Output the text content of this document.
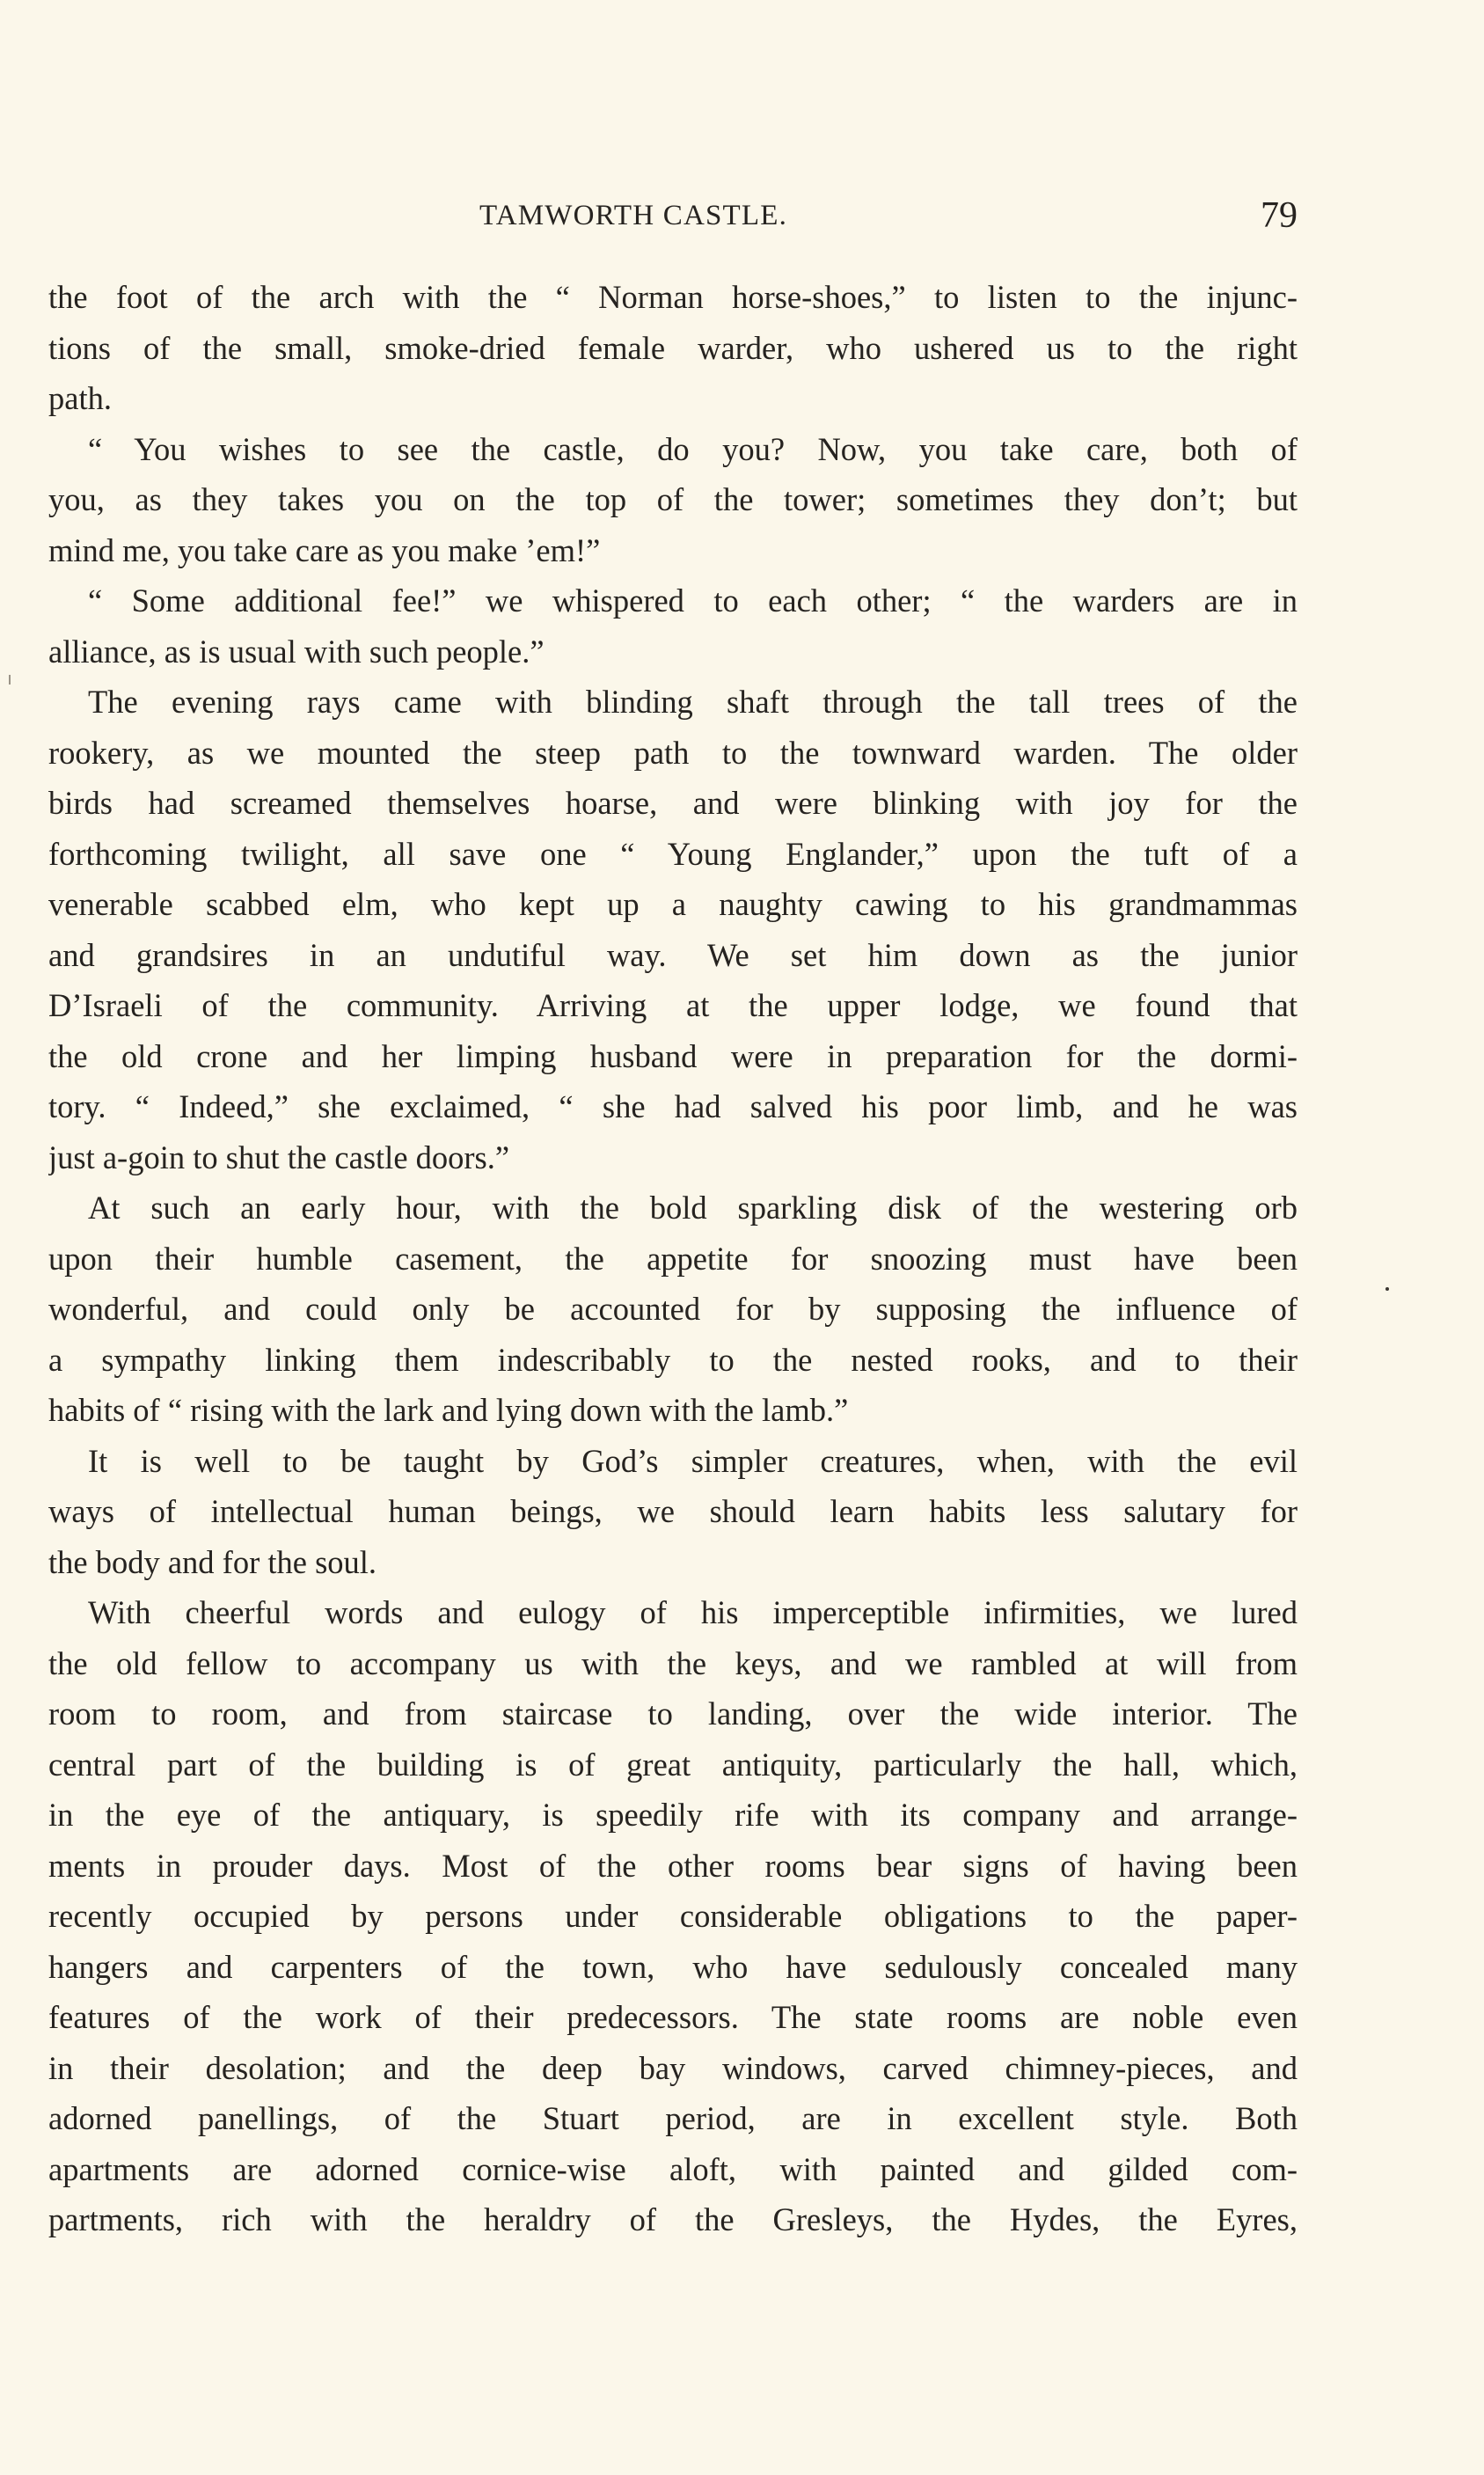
TAMWORTH CASTLE.	79
the foot of the arch with the “ Norman horse-shoes,” to listen to the injunc-
tions of the small, smoke-dried female warder, who ushered us to the right
path.
“ You wishes to see the castle, do you? Now, you take care, both of
you, as they takes you on the top of the tower; sometimes they don’t; but
mind me, you take care as you make ’em!”
“ Some additional fee!” we whispered to each other; “ the warders are in
alliance, as is usual with such people.”
The evening rays came with blinding shaft through the tall trees of the
rookery, as we mounted the steep path to the townward warden. The older
birds had screamed themselves hoarse, and were blinking with joy for the
forthcoming twilight, all save one “ Young Englander,” upon the tuft of a
venerable scabbed elm, who kept up a naughty cawing to his grandmammas
and grandsires in an undutiful way. We set him down as the junior
D’Israeli of the community. Arriving at the upper lodge, we found that
the old crone and her limping husband were in preparation for the dormi-
tory. “ Indeed,” she exclaimed, “ she had salved his poor limb, and he was
just a-goin to shut the castle doors.”
At such an early hour, with the bold sparkling disk of the westering orb
upon their humble casement, the appetite for snoozing must have been
wonderful, and could only be accounted for by supposing the influence of
a sympathy linking them indescribably to the nested rooks, and to their
habits of “ rising with the lark and lying down with the lamb.”
It is well to be taught by God’s simpler creatures, when, with the evil
ways of intellectual human beings, we should learn habits less salutary for
the body and for the soul.
With cheerful words and eulogy of his imperceptible infirmities, we lured
the old fellow to accompany us with the keys, and we rambled at will from
room to room, and from staircase to landing, over the wide interior. The
central part of the building is of great antiquity, particularly the hall, which,
in the eye of the antiquary, is speedily rife with its company and arrange-
ments in prouder days. Most of the other rooms bear signs of having been
recently occupied by persons under considerable obligations to the paper-
hangers and carpenters of the town, who have sedulously concealed many
features of the work of their predecessors. The state rooms are noble even
in their desolation; and the deep bay windows, carved chimney-pieces, and
adorned panellings, of the Stuart period, are in excellent style. Both
apartments are adorned cornice-wise aloft, with painted and gilded com-
partments, rich with the heraldry of the Gresleys, the Hydes, the Eyres,
